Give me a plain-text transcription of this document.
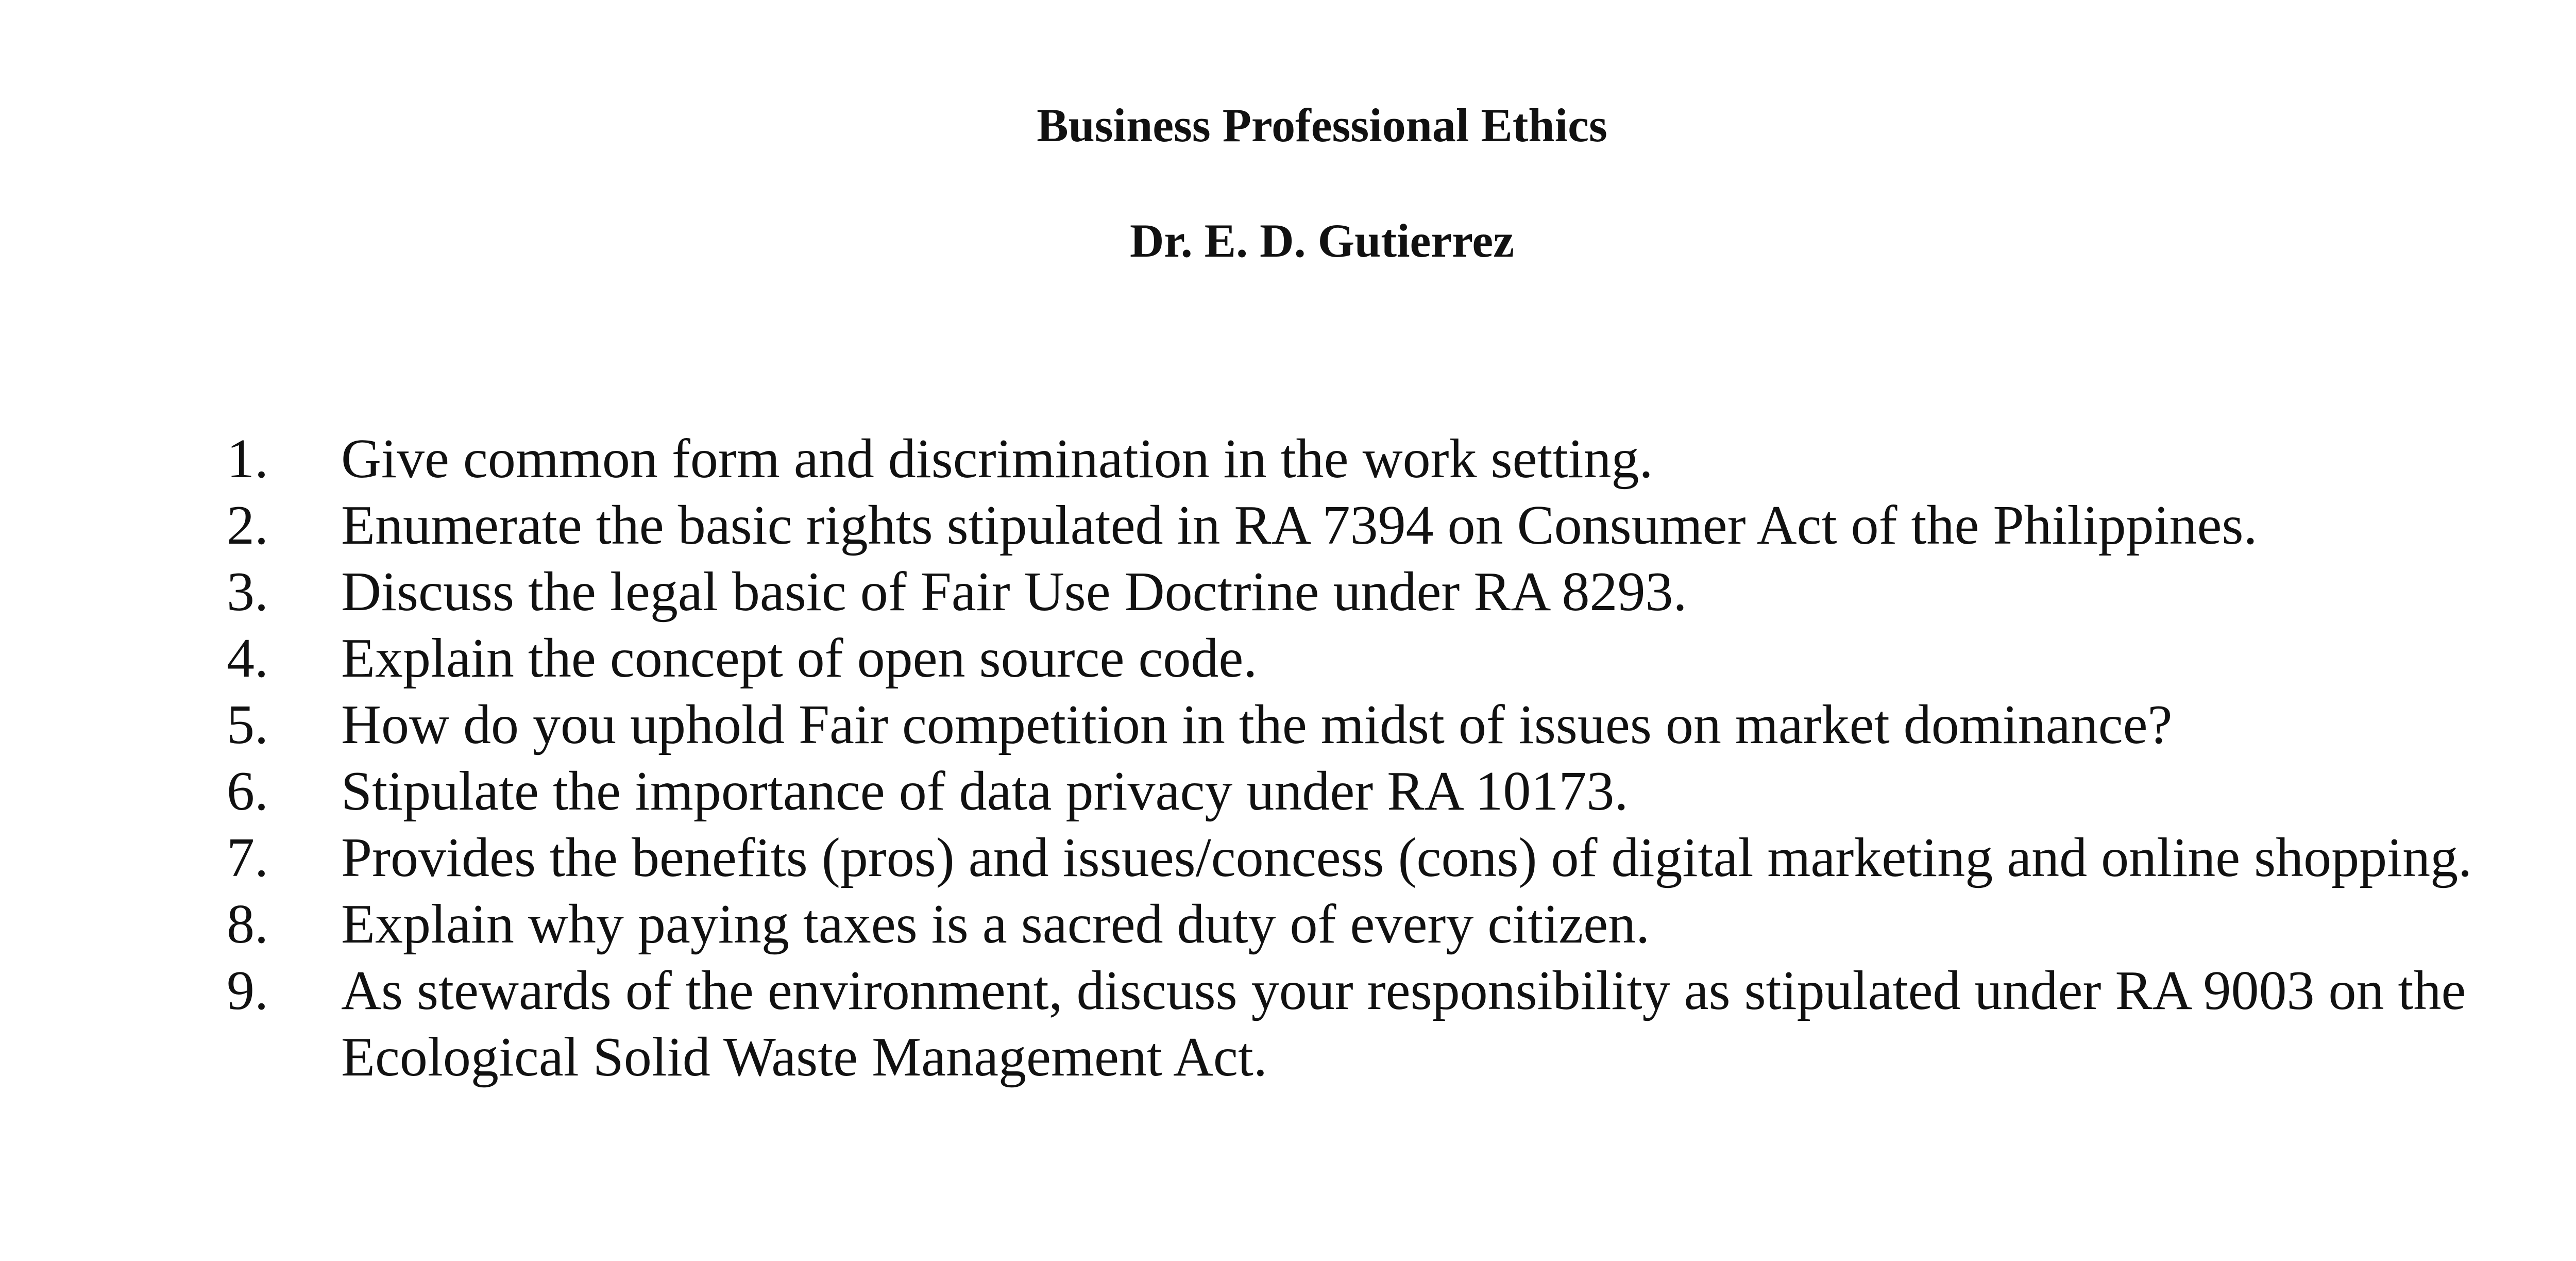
Business Professional Ethics
Dr. E. D. Gutierrez
1.	Give common form and discrimination in the work setting.
2.	Enumerate the basic rights stipulated in RA 7394 on Consumer Act of the Philippines.
3.	Discuss the legal basic of Fair Use Doctrine under RA 8293.
4.	Explain the concept of open source code.
5.	How do you uphold Fair competition in the midst of issues on market dominance?
6.	Stipulate the importance of data privacy under RA 10173.
7.	Provides the benefits (pros) and issues/concess (cons) of digital marketing and online shopping.
8.	Explain why paying taxes is a sacred duty of every citizen.
9.	As stewards of the environment, discuss your responsibility as stipulated under RA 9003 on the Ecological Solid Waste Management Act.
